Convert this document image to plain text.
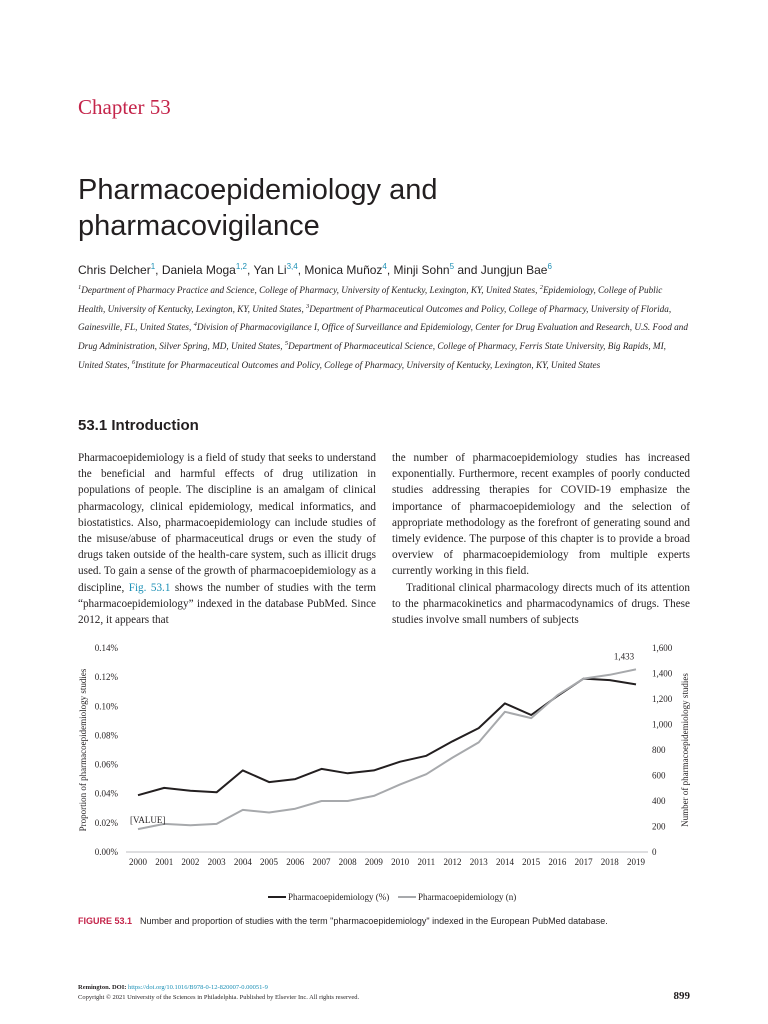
Chapter 53
Pharmacoepidemiology and pharmacovigilance
Chris Delcher$^1$, Daniela Moga$^{1,2}$, Yan Li$^{3,4}$, Monica Muñoz$^4$, Minji Sohn$^5$ and Jungjun Bae$^6$
$^1$Department of Pharmacy Practice and Science, College of Pharmacy, University of Kentucky, Lexington, KY, United States, $^2$Epidemiology, College of Public Health, University of Kentucky, Lexington, KY, United States, $^3$Department of Pharmaceutical Outcomes and Policy, College of Pharmacy, University of Florida, Gainesville, FL, United States, $^4$Division of Pharmacovigilance I, Office of Surveillance and Epidemiology, Center for Drug Evaluation and Research, U.S. Food and Drug Administration, Silver Spring, MD, United States, $^5$Department of Pharmaceutical Science, College of Pharmacy, Ferris State University, Big Rapids, MI, United States, $^6$Institute for Pharmaceutical Outcomes and Policy, College of Pharmacy, University of Kentucky, Lexington, KY, United States
53.1 Introduction

Pharmacoepidemiology is a field of study that seeks to understand the beneficial and harmful effects of drug utilization in populations of people. The discipline is an amalgam of clinical pharmacology, clinical epidemiology, medical informatics, and biostatistics. Also, pharmacoepidemiology can include studies of the misuse/abuse of pharmaceutical drugs or even the study of drugs taken outside of the health-care system, such as illicit drugs used. To gain a sense of the growth of pharmacoepidemiology as a discipline, Fig. 53.1 shows the number of studies with the term “pharmacoepidemiology” indexed in the database PubMed. Since 2012, it appears that

the number of pharmacoepidemiology studies has increased exponentially. Furthermore, recent examples of poorly conducted studies addressing therapies for COVID-19 emphasize the importance of pharmacoepidemiology and the selection of appropriate methodology as the forefront of generating sound and timely evidence. The purpose of this chapter is to provide a broad overview of pharmacoepidemiology from multiple experts currently working in this field.

Traditional clinical pharmacology directs much of its attention to the pharmacokinetics and pharmacodynamics of drugs. These studies involve small numbers of subjects

0.00%
0.02%
0.04%
0.06%
0.08%
0.10%
0.12%
0.14%
0
200
400
600
800
1,000
1,200
1,400
1,600
2000 2001 2002 2003 2004 2005 2006 2007 2008 2009 2010 2011 2012 2013 2014 2015 2016 2017 2018 2019
Proportion of pharmacoepidemiology studies	Number of pharmacoepidemiology studies
1,433
[VALUE]
Pharmacoepidemiology (%)	Pharmacoepidemiology (n)
FIGURE 53.1 Number and proportion of studies with the term "pharmacoepidemiology" indexed in the European PubMed database.
Remington. DOI: https://doi.org/10.1016/B978-0-12-820007-0.00051-9
Copyright © 2021 University of the Sciences in Philadelphia. Published by Elsevier Inc. All rights reserved.	899
